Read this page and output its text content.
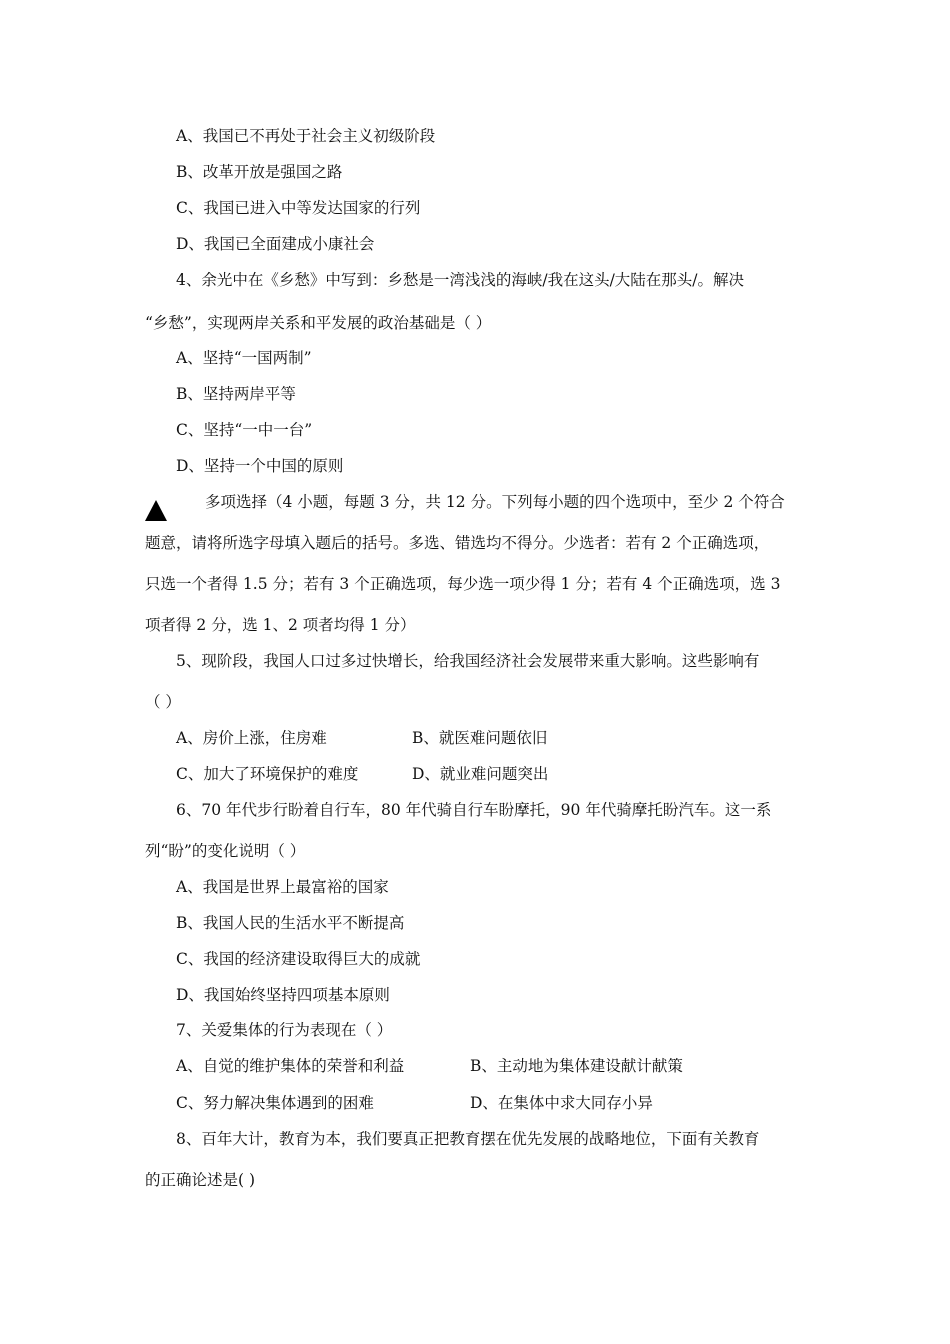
A、我国已不再处于社会主义初级阶段
B、改革开放是强国之路
C、我国已进入中等发达国家的行列
D、我国已全面建成小康社会
4、余光中在《乡愁》中写到：乡愁是一湾浅浅的海峡/我在这头/大陆在那头/。解决
“乡愁”，实现两岸关系和平发展的政治基础是（ ）
A、坚持“一国两制”
B、坚持两岸平等
C、坚持“一中一台”
D、坚持一个中国的原则
多项选择（4 小题，每题 3 分，共 12 分。下列每小题的四个选项中，至少 2 个符合
题意，请将所选字母填入题后的括号。多选、错选均不得分。少选者：若有 2 个正确选项，
只选一个者得 1.5 分；若有 3 个正确选项，每少选一项少得 1 分；若有 4 个正确选项，选 3
项者得 2 分，选 1、2 项者均得 1 分）
5、现阶段，我国人口过多过快增长，给我国经济社会发展带来重大影响。这些影响有
（ ）
A、房价上涨，住房难	B、就医难问题依旧
C、加大了环境保护的难度	D、就业难问题突出
6、70 年代步行盼着自行车，80 年代骑自行车盼摩托，90 年代骑摩托盼汽车。这一系
列“盼”的变化说明（ ）
A、我国是世界上最富裕的国家
B、我国人民的生活水平不断提高
C、我国的经济建设取得巨大的成就
D、我国始终坚持四项基本原则
7、关爱集体的行为表现在（ ）
A、自觉的维护集体的荣誉和利益	B、主动地为集体建设献计献策
C、努力解决集体遇到的困难	D、在集体中求大同存小异
8、百年大计，教育为本，我们要真正把教育摆在优先发展的战略地位，下面有关教育
的正确论述是( )
